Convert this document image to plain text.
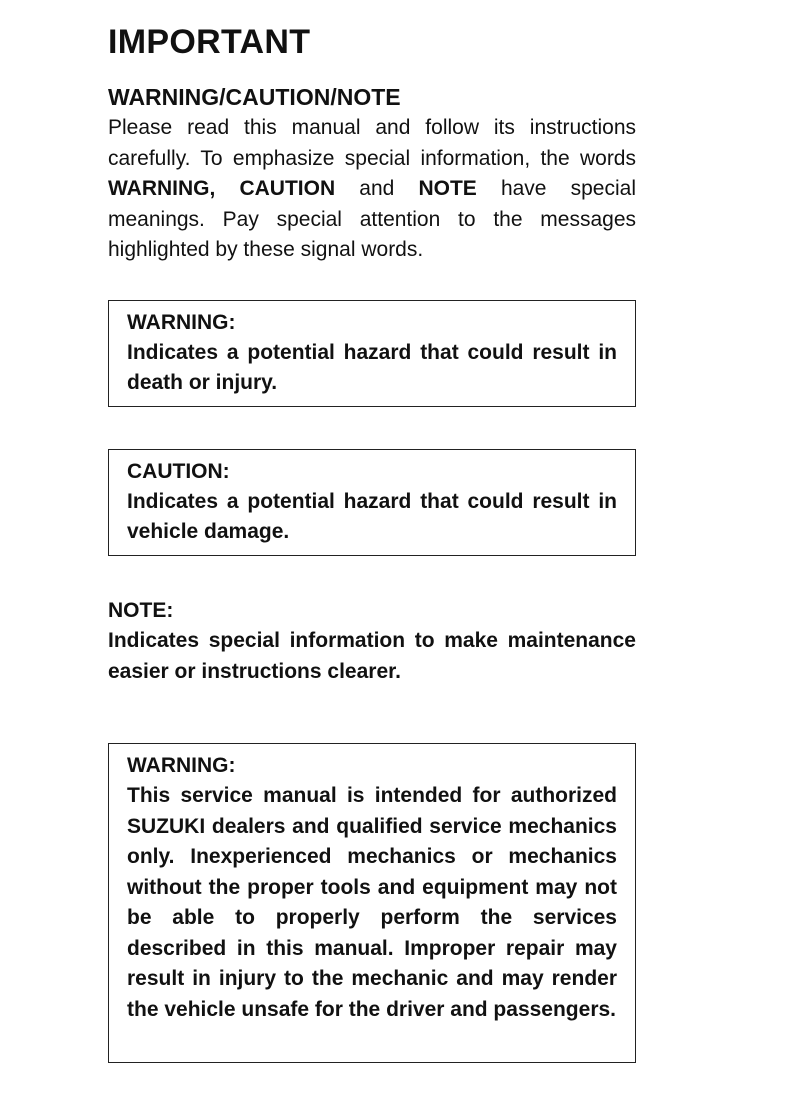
IMPORTANT
WARNING/CAUTION/NOTE

Please read this manual and follow its instructions carefully. To emphasize special information, the words WARNING, CAUTION and NOTE have special meanings. Pay special attention to the messages highlighted by these signal words.

WARNING:
Indicates a potential hazard that could result in death or injury.
CAUTION:
Indicates a potential hazard that could result in vehicle damage.
NOTE:
Indicates special information to make maintenance easier or instructions clearer.
WARNING:
This service manual is intended for authorized SUZUKI dealers and qualified service mechanics only. Inexperienced mechanics or mechanics without the proper tools and equipment may not be able to properly perform the services described in this manual. Improper repair may result in injury to the mechanic and may render the vehicle unsafe for the driver and passengers.
